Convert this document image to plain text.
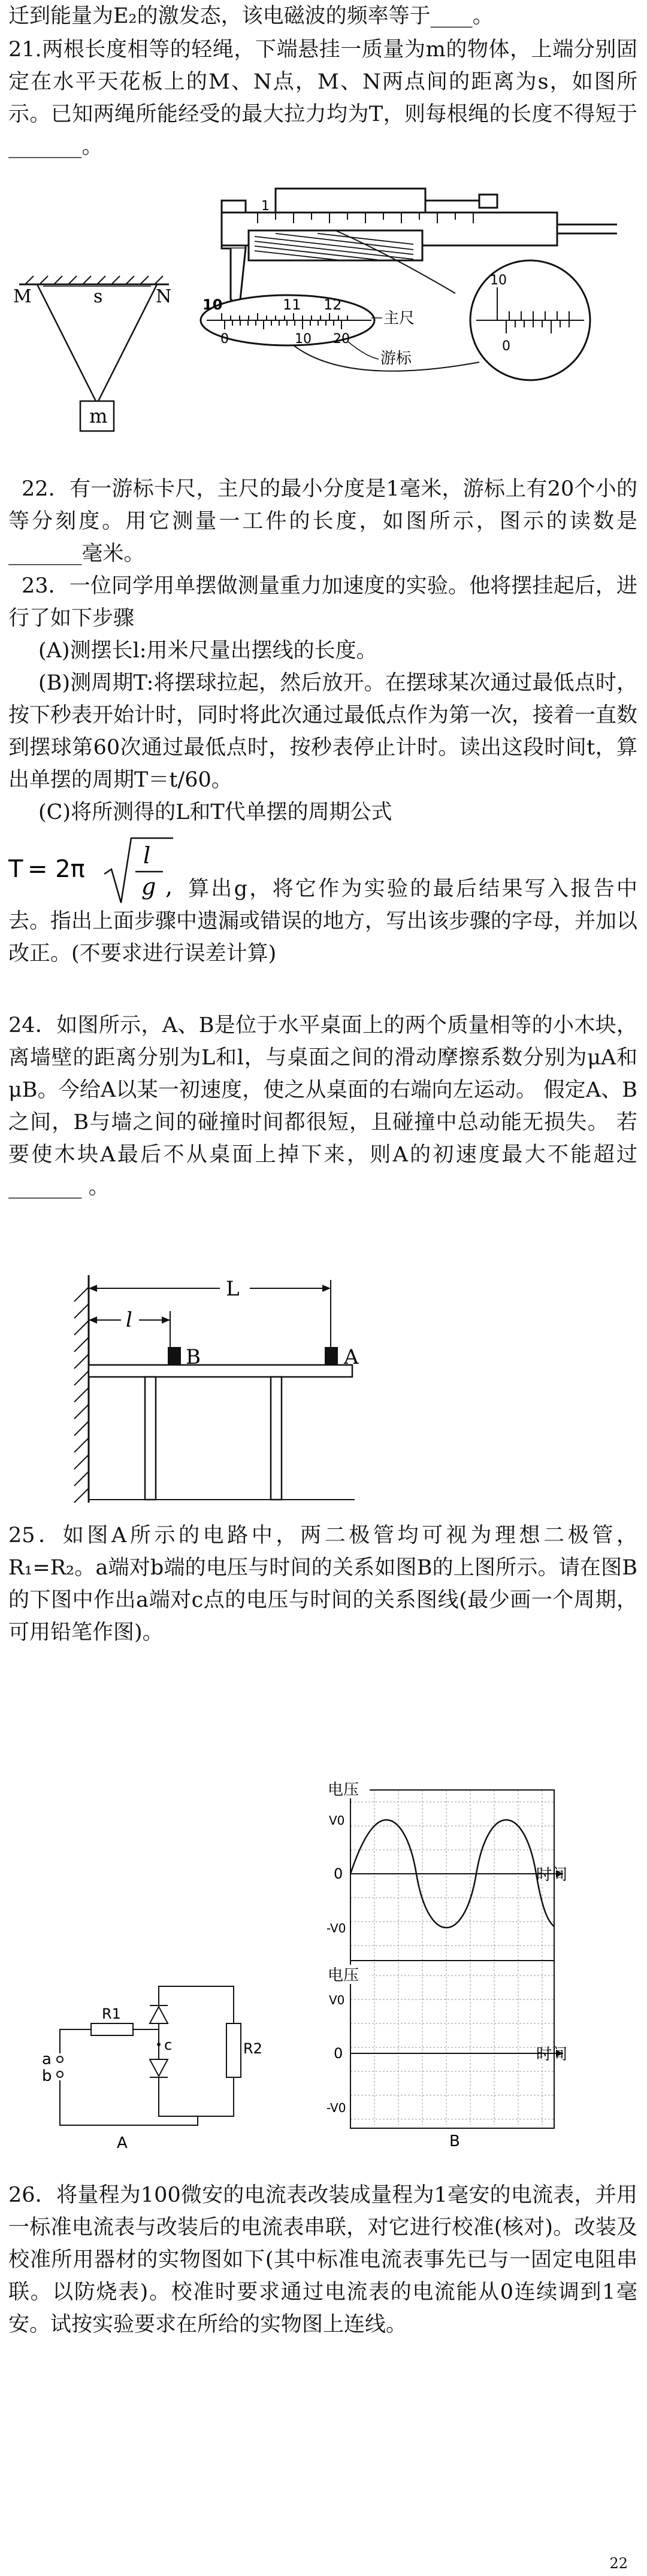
迁到能量为E₂的激发态，该电磁波的频率等于____。

21.两根长度相等的轻绳，下端悬挂一质量为m的物体，上端分别固定在水平天花板上的M、N点，M、N两点间的距离为s，如图所示。已知两绳所能经受的最大拉力均为T，则每根绳的长度不得短于_______。

M	s	N
m
1
10	11 12
0	10 20
主尺
游标
10
0

22．有一游标卡尺，主尺的最小分度是1毫米，游标上有20个小的等分刻度。用它测量一工件的长度，如图所示，图示的读数是_______毫米。

23．一位同学用单摆做测量重力加速度的实验。他将摆挂起后，进行了如下步骤

(A)测摆长l:用米尺量出摆线的长度。

(B)测周期T:将摆球拉起，然后放开。在摆球某次通过最低点时，按下秒表开始计时，同时将此次通过最低点作为第一次，接着一直数到摆球第60次通过最低点时，按秒表停止计时。读出这段时间t，算出单摆的周期T＝t/60。

(C)将所测得的L和T代单摆的周期公式

T = 2π	l
g , 算出g，将它作为实验的最后结果写入报告中去。指出上面步骤中遗漏或错误的地方，写出该步骤的字母，并加以改正。(不要求进行误差计算)

24．如图所示，A、B是位于水平桌面上的两个质量相等的小木块，离墙壁的距离分别为L和l，与桌面之间的滑动摩擦系数分别为μA和μB。今给A以某一初速度，使之从桌面的右端向左运动。 假定A、B之间，B与墙之间的碰撞时间都很短，且碰撞中总动能无损失。 若要使木块A最后不从桌面上掉下来，则A的初速度最大不能超过_______ 。

B	A
L
l

25．如图A所示的电路中，两二极管均可视为理想二极管，R₁=R₂。a端对b端的电压与时间的关系如图B的上图所示。请在图B的下图中作出a端对c点的电压与时间的关系图线(最少画一个周期，可用铅笔作图)。

R1
R2
c
a
b
A
电压
V0
0
-V0
时间
电压
V0
0
-V0
时间
B

26．将量程为100微安的电流表改装成量程为1毫安的电流表，并用一标准电流表与改装后的电流表串联，对它进行校准(核对)。改装及校准所用器材的实物图如下(其中标准电流表事先已与一固定电阻串联。以防烧表)。校准时要求通过电流表的电流能从0连续调到1毫安。试按实验要求在所给的实物图上连线。

22
